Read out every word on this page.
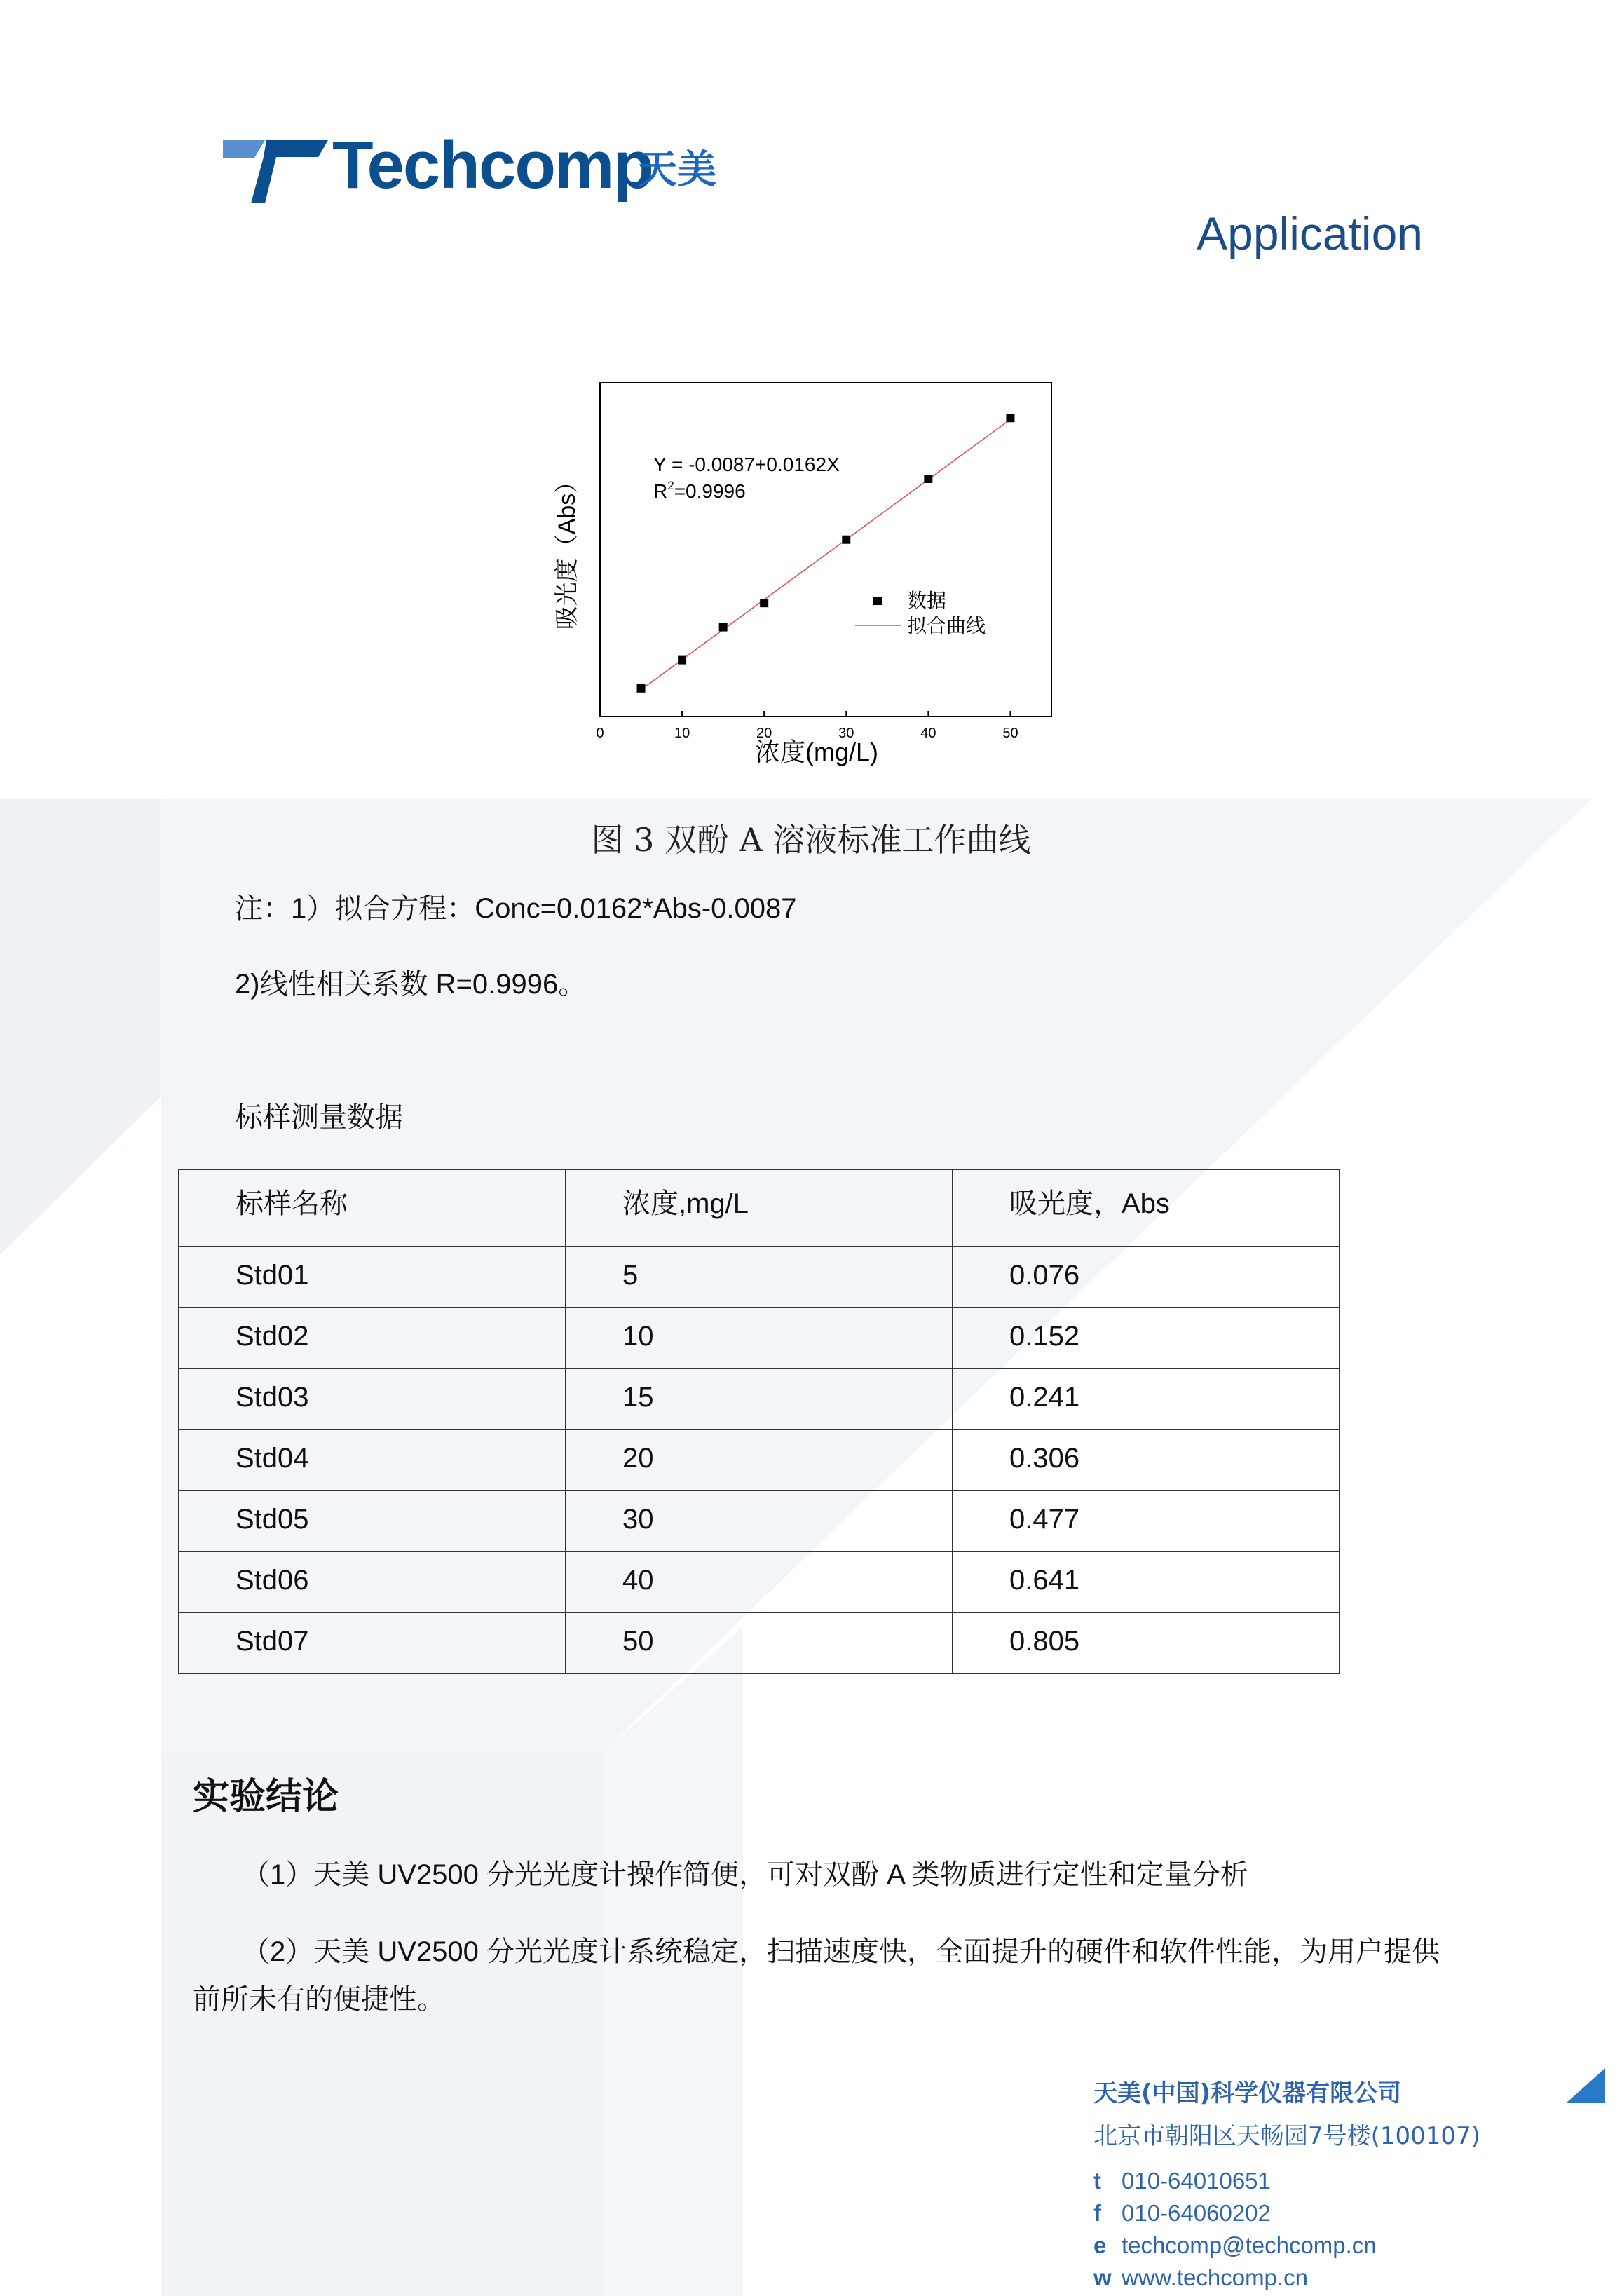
Techcomp
天美
Application
0	10	20	30	40	50
Y = -0.0087+0.0162X
$R^2=0.9996$
数据
拟合曲线
浓度(mg/L)
吸光度（Abs）
图 3 双酚 A 溶液标准工作曲线
注：1）拟合方程：Conc=0.0162*Abs-0.0087
2)线性相关系数 R=0.9996。
标样测量数据
标样名称	浓度,mg/L	吸光度，Abs
Std01	5	0.076
Std02	10	0.152
Std03	15	0.241
Std04	20	0.306
Std05	30	0.477
Std06	40	0.641
Std07	50	0.805
实验结论
（1）天美 UV2500 分光光度计操作简便，可对双酚 A 类物质进行定性和定量分析
（2）天美 UV2500 分光光度计系统稳定，扫描速度快，全面提升的硬件和软件性能，为用户提供前所未有的便捷性。
天美(中国)科学仪器有限公司
北京市朝阳区天畅园7号楼(100107)
t 010-64010651
f 010-64060202
e techcomp@techcomp.cn
w www.techcomp.cn
